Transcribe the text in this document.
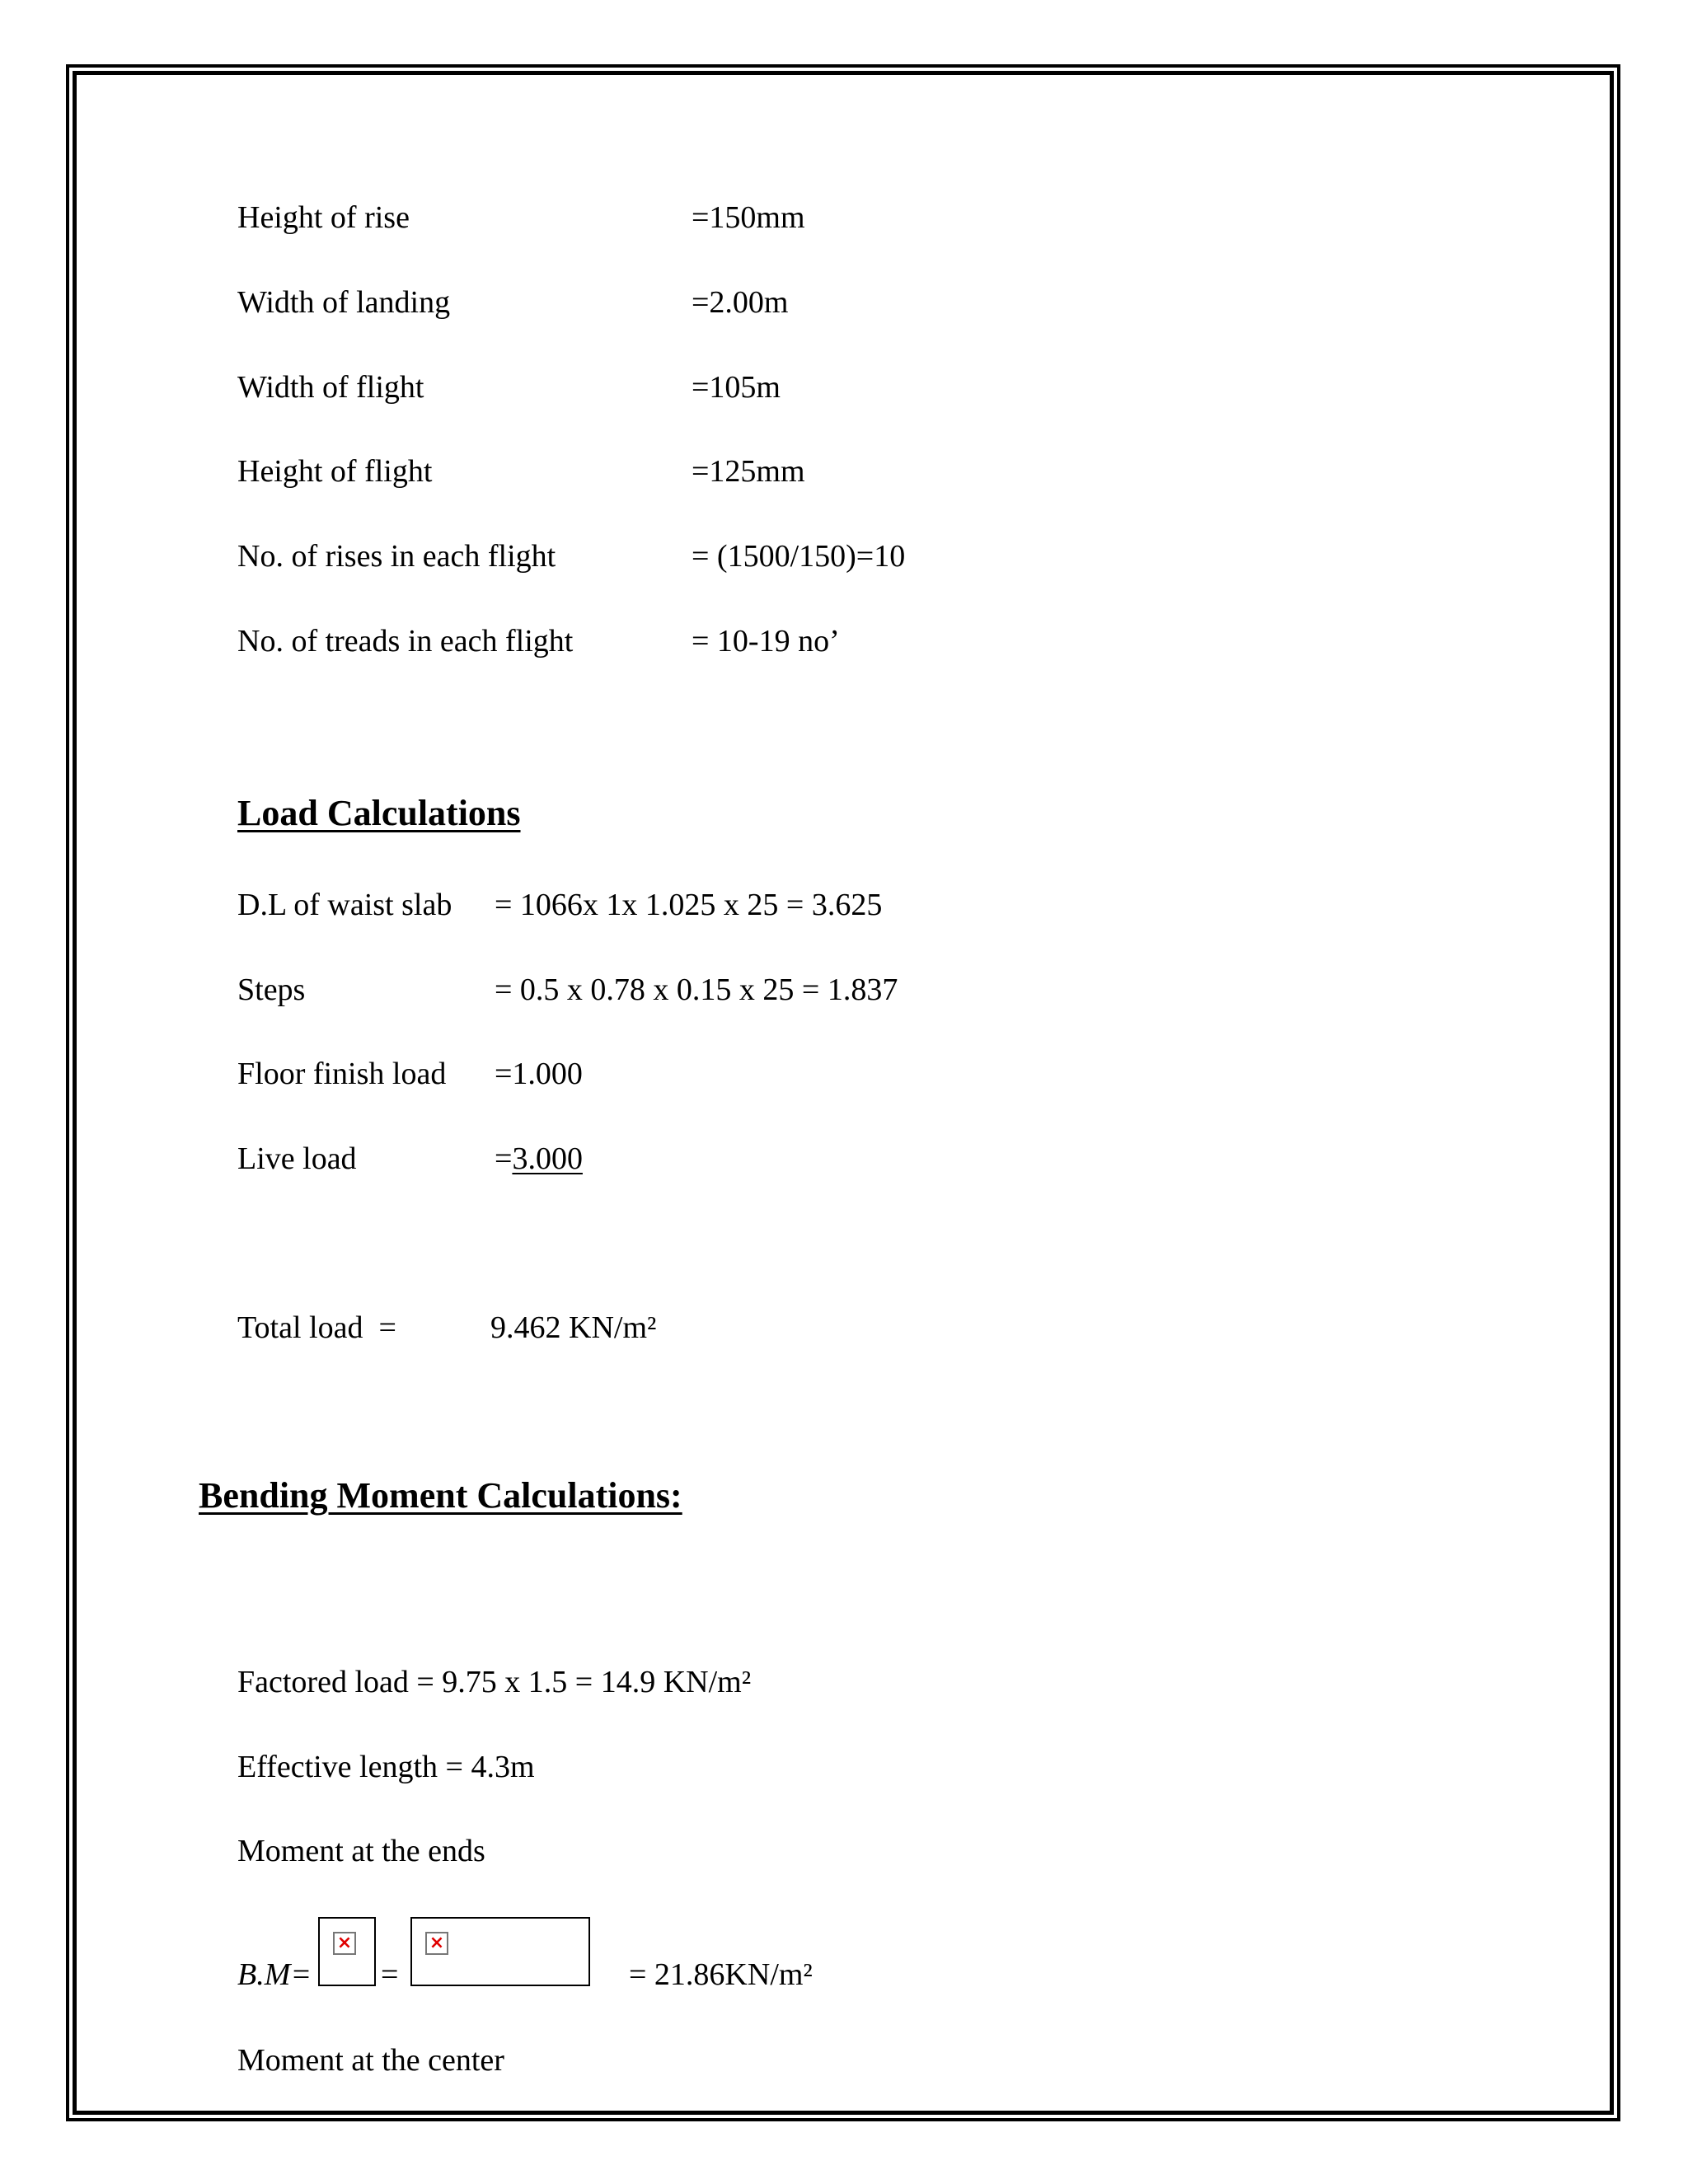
Height of rise	=150mm
Width of landing	=2.00m
Width of flight	=105m
Height of flight	=125mm
No. of rises in each flight	= (1500/150)=10
No. of treads in each flight	= 10-19 no’
Load Calculations
D.L of waist slab = 1066x 1x 1.025 x 25 = 3.625
Steps	= 0.5 x 0.78 x 0.15 x 25 = 1.837
Floor finish load =1.000
Live load	=3.000
Total load  =	9.462 KN/m²
Bending Moment Calculations:
Factored load = 9.75 x 1.5 = 14.9 KN/m²
Effective length = 4.3m
Moment at the ends
B.M=
×
=
×
= 21.86KN/m²
Moment at the center
